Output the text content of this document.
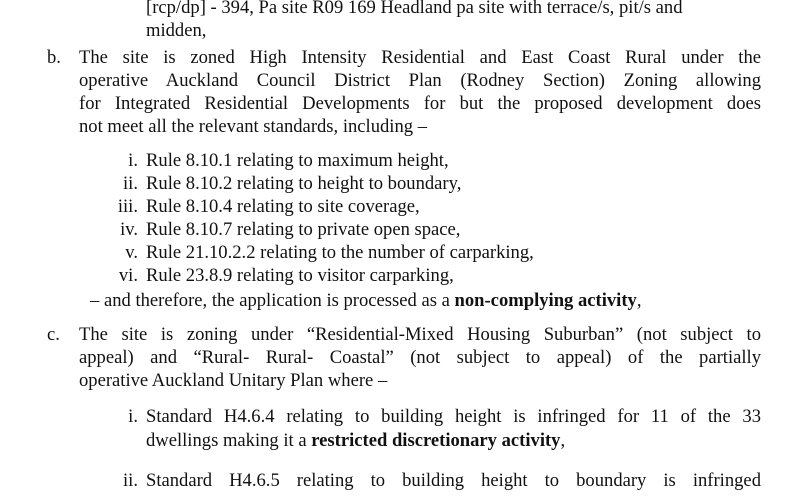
[rcp/dp] - 394, Pa site R09 169 Headland pa site with terrace/s, pit/s and
midden,
b. The site is zoned High Intensity Residential and East Coast Rural under the
operative Auckland Council District Plan (Rodney Section) Zoning allowing
for Integrated Residential Developments for but the proposed development does
not meet all the relevant standards, including –
i. Rule 8.10.1 relating to maximum height,
ii. Rule 8.10.2 relating to height to boundary,
iii. Rule 8.10.4 relating to site coverage,
iv. Rule 8.10.7 relating to private open space,
v. Rule 21.10.2.2 relating to the number of carparking,
vi. Rule 23.8.9 relating to visitor carparking,
– and therefore, the application is processed as a non-complying activity,
c. The site is zoning under “Residential-Mixed Housing Suburban” (not subject to
appeal) and “Rural- Rural- Coastal” (not subject to appeal) of the partially
operative Auckland Unitary Plan where –
i. Standard H4.6.4 relating to building height is infringed for 11 of the 33
dwellings making it a restricted discretionary activity,
ii. Standard H4.6.5 relating to building height to boundary is infringed
